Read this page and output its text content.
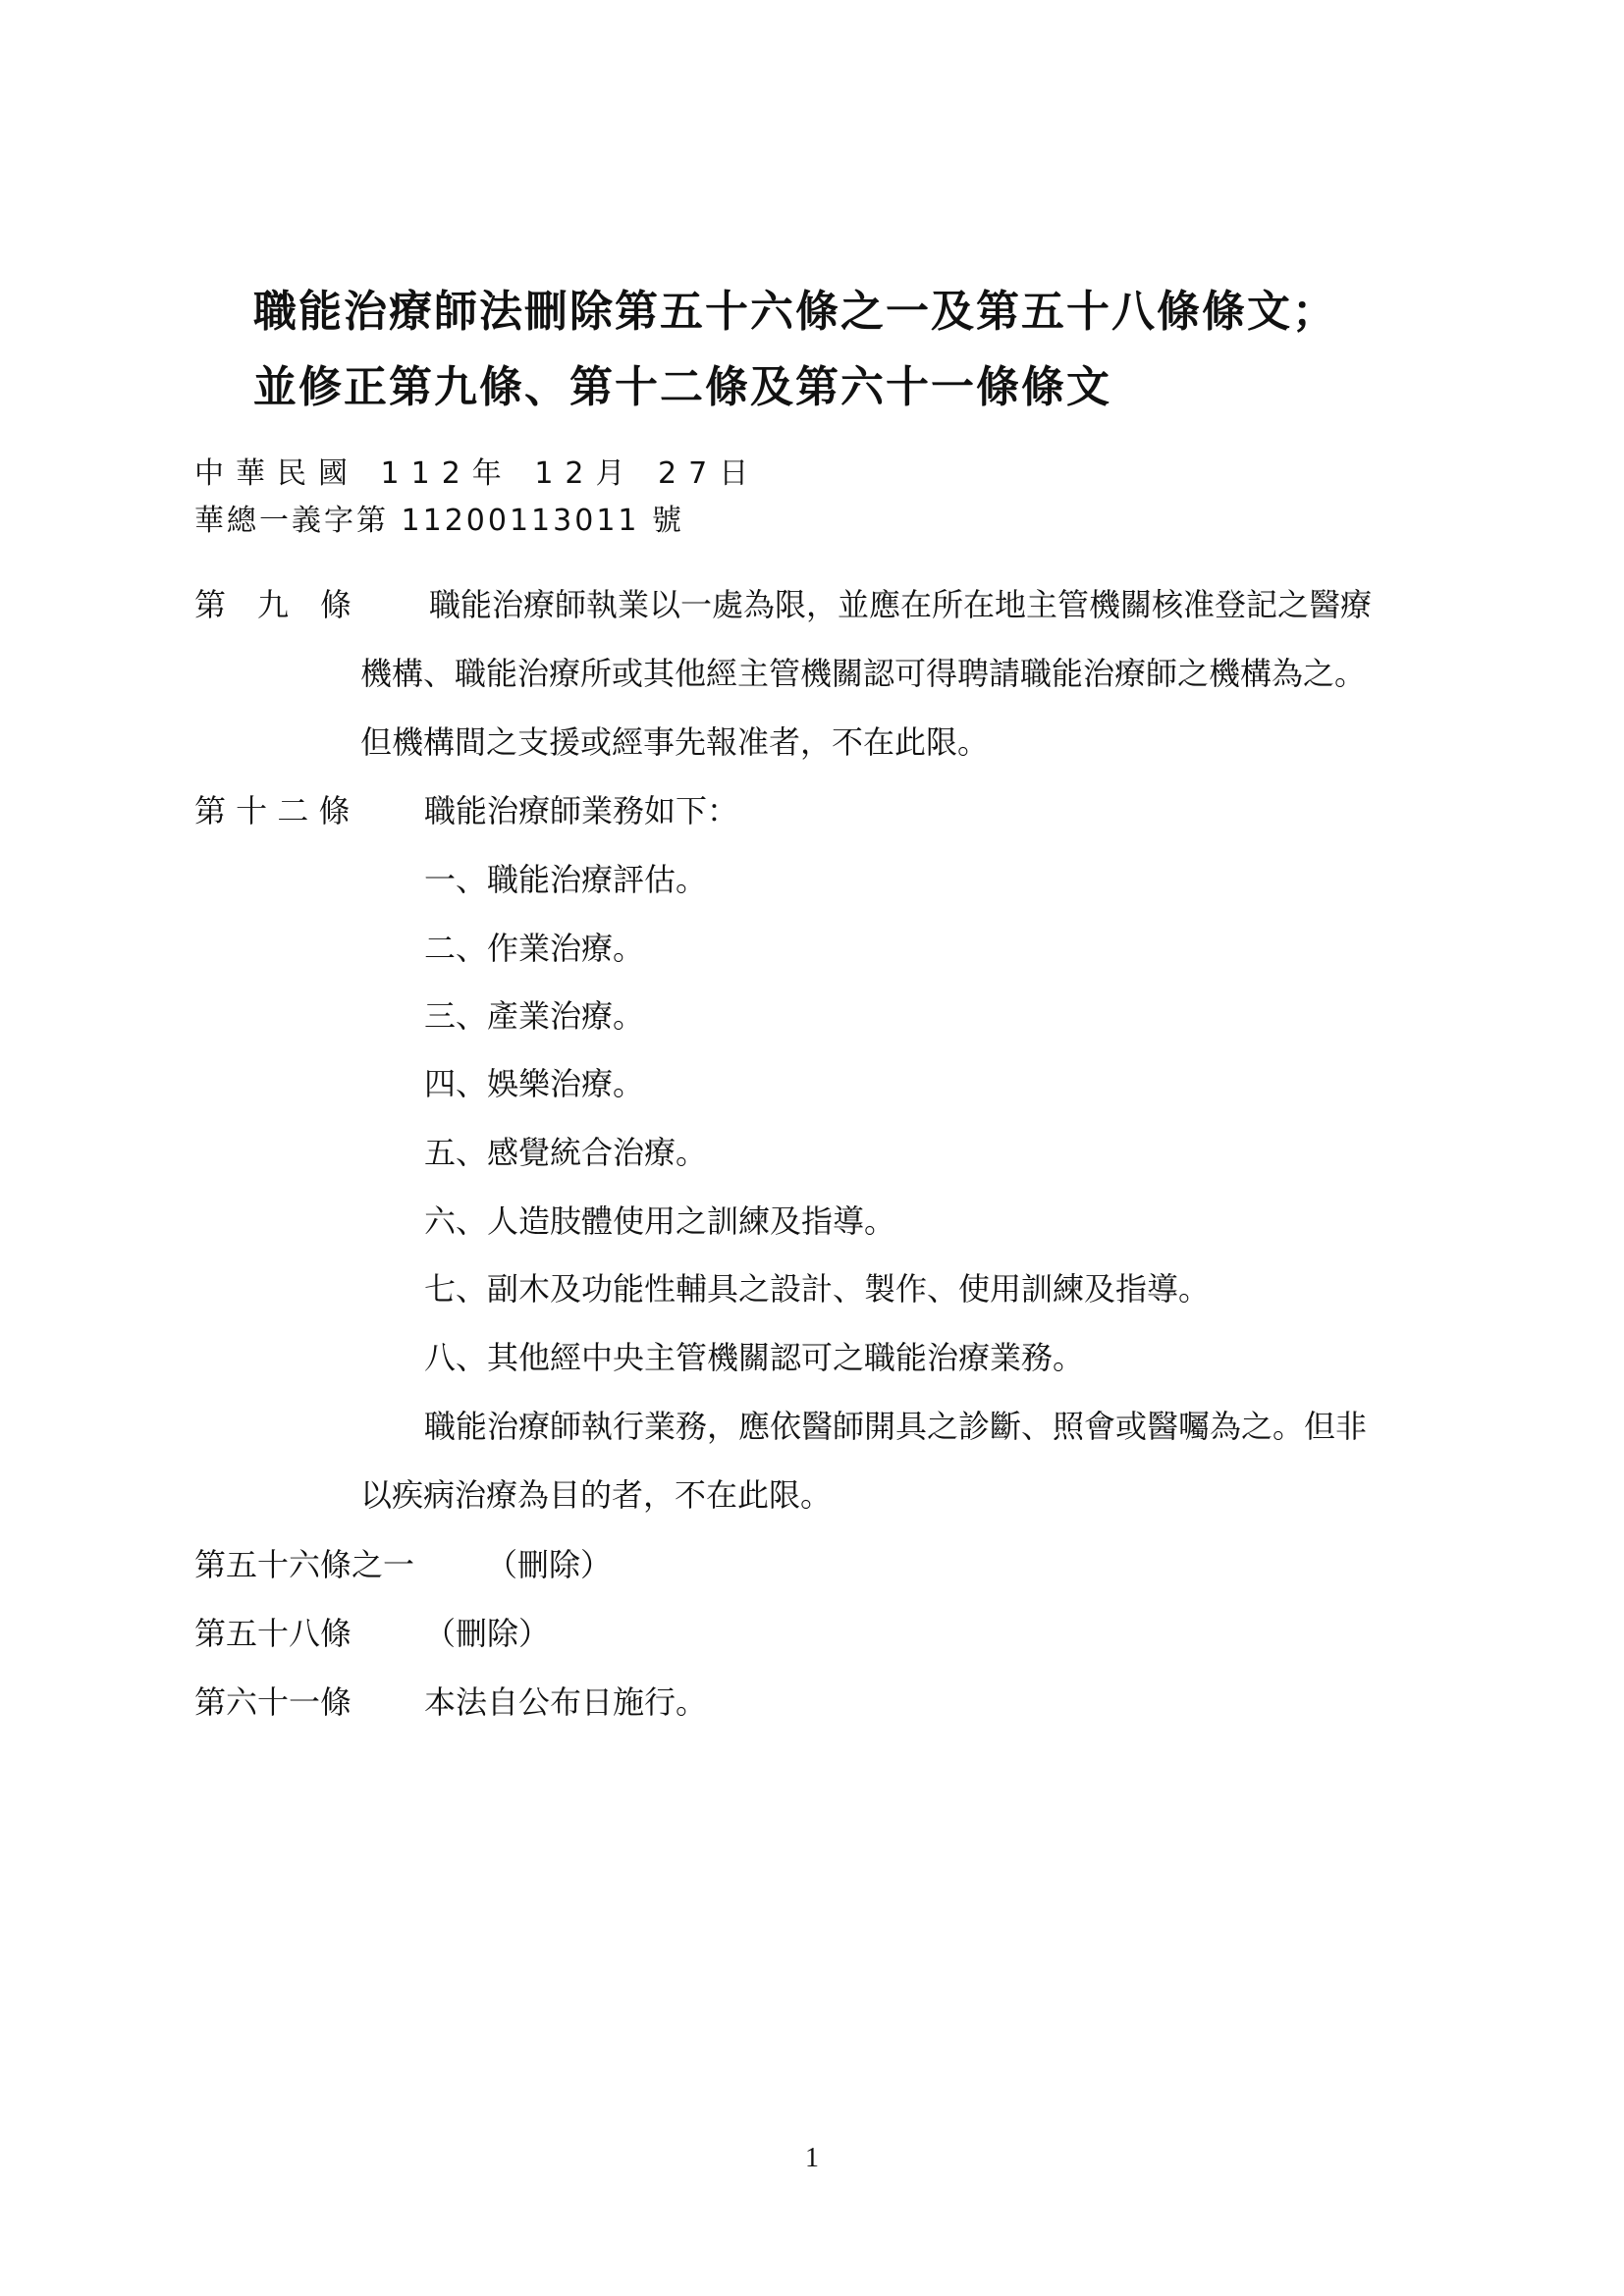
職能治療師法刪除第五十六條之一及第五十八條條文；
並修正第九條、第十二條及第六十一條條文
中華民國 112年 12月 27日
華總一義字第 11200113011 號
第　九　條 職能治療師執業以一處為限，並應在所在地主管機關核准登記之醫療
機構、職能治療所或其他經主管機關認可得聘請職能治療師之機構為之。
但機構間之支援或經事先報准者，不在此限。
第 十 二 條 職能治療師業務如下：
一、職能治療評估。
二、作業治療。
三、產業治療。
四、娛樂治療。
五、感覺統合治療。
六、人造肢體使用之訓練及指導。
七、副木及功能性輔具之設計、製作、使用訓練及指導。
八、其他經中央主管機關認可之職能治療業務。
職能治療師執行業務，應依醫師開具之診斷、照會或醫囑為之。但非
以疾病治療為目的者，不在此限。
第五十六條之一 （刪除）
第五十八條 （刪除）
第六十一條 本法自公布日施行。
1
